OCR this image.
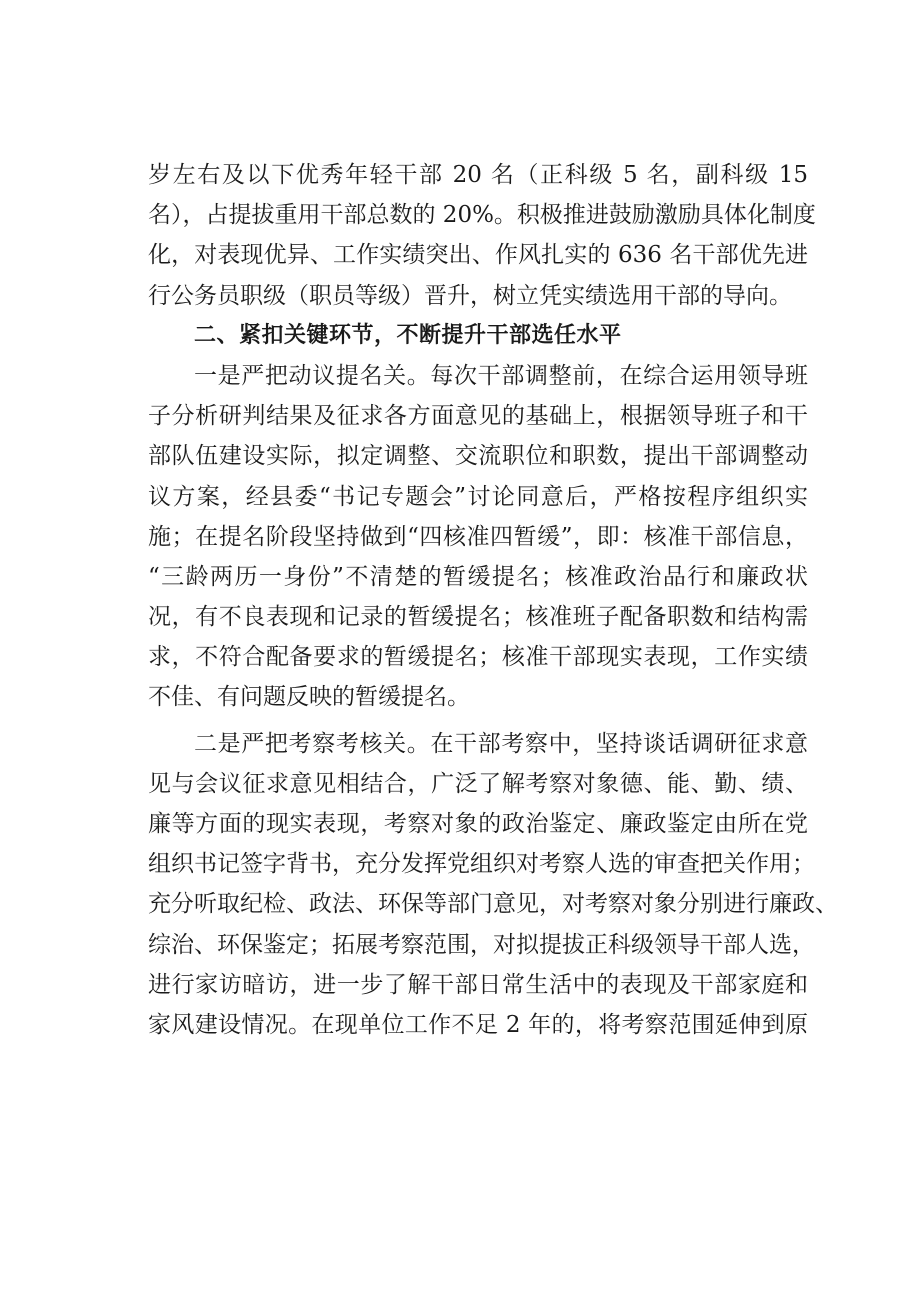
岁左右及以下优秀年轻干部 20 名（正科级 5 名，副科级 15
名），占提拔重用干部总数的 20%。积极推进鼓励激励具体化制度
化，对表现优异、工作实绩突出、作风扎实的 636 名干部优先进
行公务员职级（职员等级）晋升，树立凭实绩选用干部的导向。
二、紧扣关键环节，不断提升干部选任水平
一是严把动议提名关。每次干部调整前，在综合运用领导班
子分析研判结果及征求各方面意见的基础上，根据领导班子和干
部队伍建设实际，拟定调整、交流职位和职数，提出干部调整动
议方案，经县委“书记专题会”讨论同意后，严格按程序组织实
施；在提名阶段坚持做到“四核准四暂缓”，即：核准干部信息，
“三龄两历一身份”不清楚的暂缓提名；核准政治品行和廉政状
况，有不良表现和记录的暂缓提名；核准班子配备职数和结构需
求，不符合配备要求的暂缓提名；核准干部现实表现，工作实绩
不佳、有问题反映的暂缓提名。
二是严把考察考核关。在干部考察中，坚持谈话调研征求意
见与会议征求意见相结合，广泛了解考察对象德、能、勤、绩、
廉等方面的现实表现，考察对象的政治鉴定、廉政鉴定由所在党
组织书记签字背书，充分发挥党组织对考察人选的审查把关作用；
充分听取纪检、政法、环保等部门意见，对考察对象分别进行廉政、
综治、环保鉴定；拓展考察范围，对拟提拔正科级领导干部人选，
进行家访暗访，进一步了解干部日常生活中的表现及干部家庭和
家风建设情况。在现单位工作不足 2 年的，将考察范围延伸到原
